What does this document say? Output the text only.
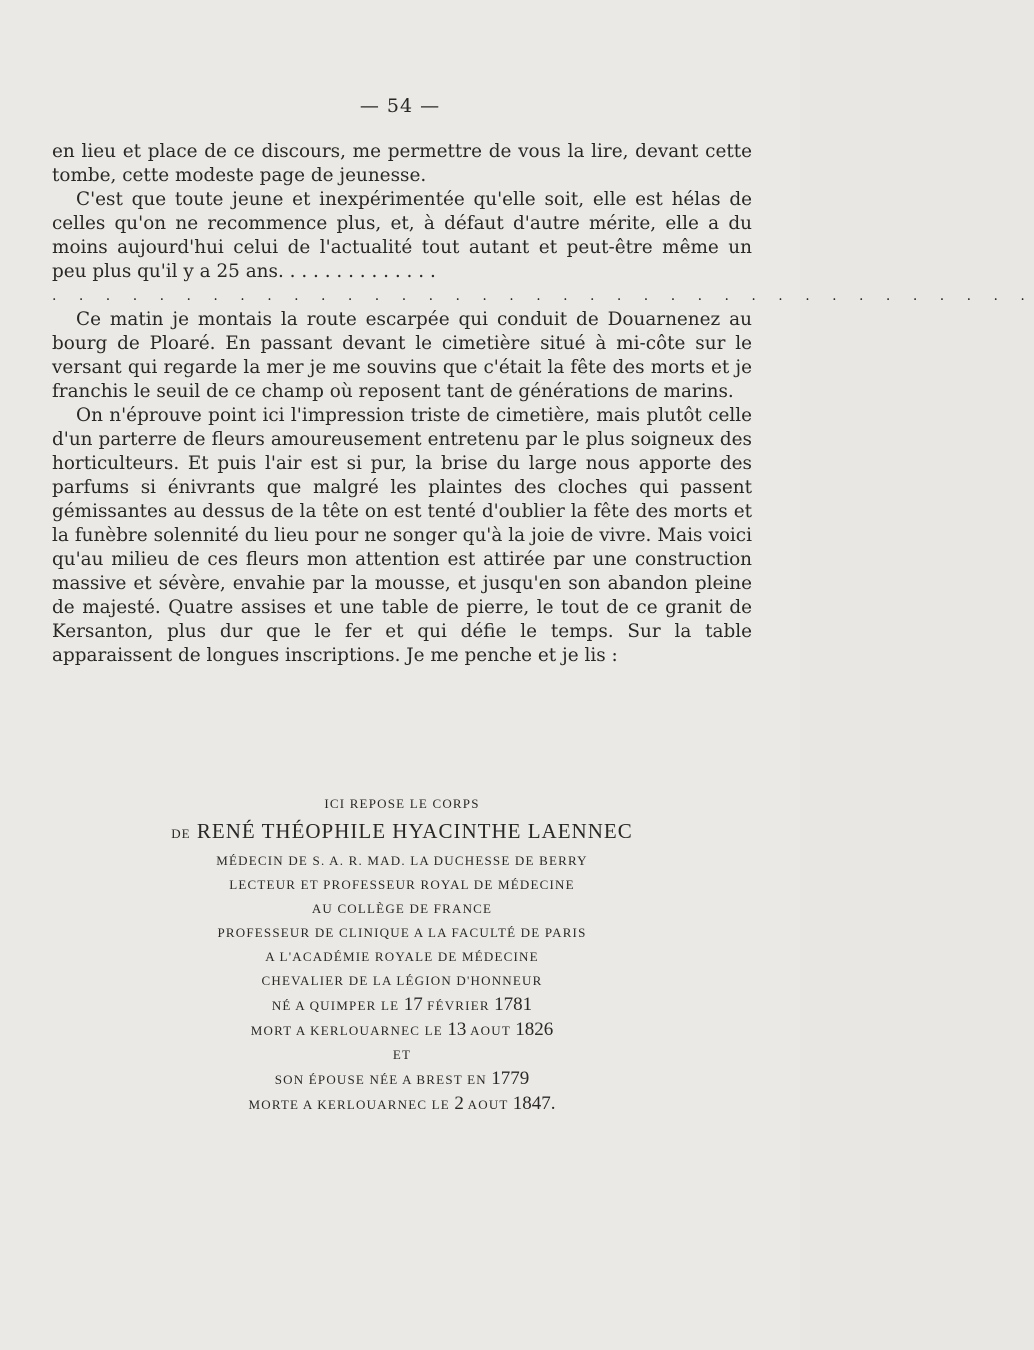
— 54 —

en lieu et place de ce discours, me permettre de vous la lire, devant cette tombe, cette modeste page de jeunesse.

C'est que toute jeune et inexpérimentée qu'elle soit, elle est hélas de celles qu'on ne recommence plus, et, à défaut d'autre mérite, elle a du moins aujourd'hui celui de l'actualité tout autant et peut-être même un peu plus qu'il y a 25 ans. . . . . . . . . . . . . .

. . . . . . . . . . . . . . . . . . . . . . . . . . . . . . . . . . . . .

Ce matin je montais la route escarpée qui conduit de Douarnenez au bourg de Ploaré. En passant devant le cimetière situé à mi-côte sur le versant qui regarde la mer je me souvins que c'était la fête des morts et je franchis le seuil de ce champ où reposent tant de générations de marins.

On n'éprouve point ici l'impression triste de cimetière, mais plutôt celle d'un parterre de fleurs amoureusement entretenu par le plus soigneux des horticulteurs. Et puis l'air est si pur, la brise du large nous apporte des parfums si énivrants que malgré les plaintes des cloches qui passent gémissantes au dessus de la tête on est tenté d'oublier la fête des morts et la funèbre solennité du lieu pour ne songer qu'à la joie de vivre. Mais voici qu'au milieu de ces fleurs mon attention est attirée par une construction massive et sévère, envahie par la mousse, et jusqu'en son abandon pleine de majesté. Quatre assises et une table de pierre, le tout de ce granit de Kersanton, plus dur que le fer et qui défie le temps. Sur la table apparaissent de longues inscriptions. Je me penche et je lis :

ICI REPOSE LE CORPS
DE RENÉ THÉOPHILE HYACINTHE LAENNEC
MÉDECIN DE S. A. R. MAD. LA DUCHESSE DE BERRY
LECTEUR ET PROFESSEUR ROYAL DE MÉDECINE
AU COLLÈGE DE FRANCE
PROFESSEUR DE CLINIQUE A LA FACULTÉ DE PARIS
A L'ACADÉMIE ROYALE DE MÉDECINE
CHEVALIER DE LA LÉGION D'HONNEUR
NÉ A QUIMPER LE 17 FÉVRIER 1781
MORT A KERLOUARNEC LE 13 AOUT 1826
ET
SON ÉPOUSE NÉE A BREST EN 1779
MORTE A KERLOUARNEC LE 2 AOUT 1847.
